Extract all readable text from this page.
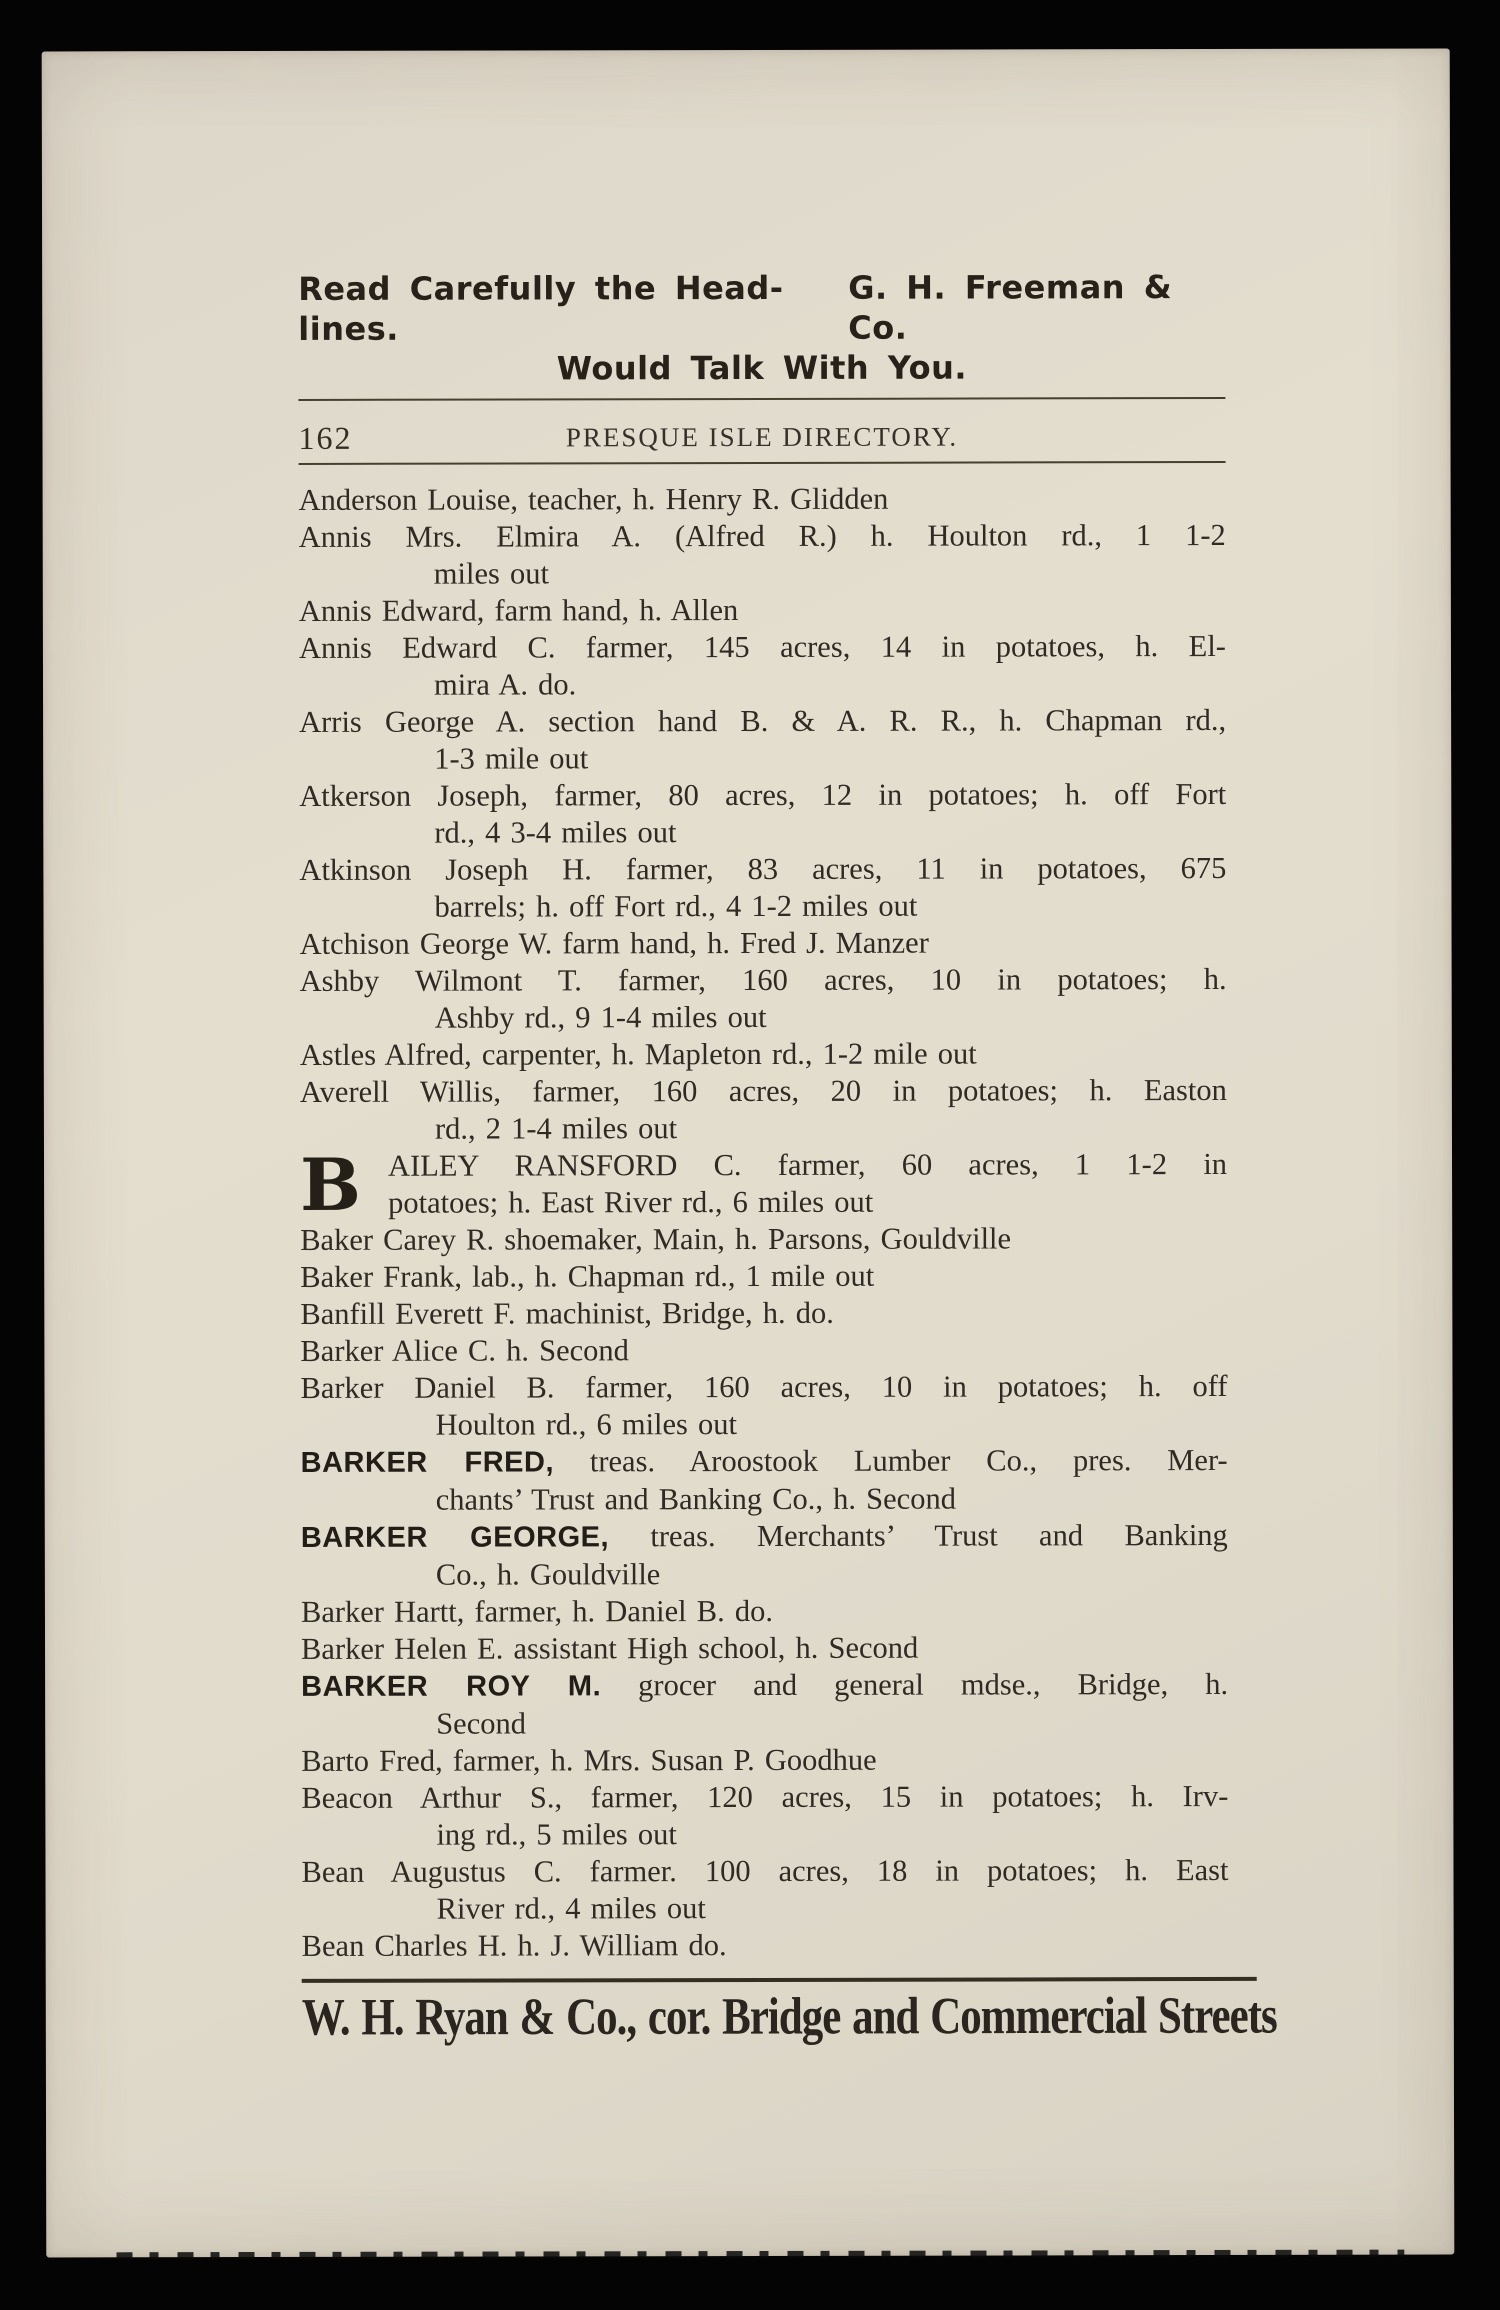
Read Carefully the Head-lines.
G. H. Freeman & Co.
Would Talk With You.
162	PRESQUE ISLE DIRECTORY.
Anderson Louise, teacher, h. Henry R. Glidden
Annis Mrs. Elmira A. (Alfred R.) h. Houlton rd., 1 1-2
miles out
Annis Edward, farm hand, h. Allen
Annis Edward C. farmer, 145 acres, 14 in potatoes, h. El-
mira A. do.
Arris George A. section hand B. & A. R. R., h. Chapman rd.,
1-3 mile out
Atkerson Joseph, farmer, 80 acres, 12 in potatoes; h. off Fort
rd., 4 3-4 miles out
Atkinson Joseph H. farmer, 83 acres, 11 in potatoes, 675
barrels; h. off Fort rd., 4 1-2 miles out
Atchison George W. farm hand, h. Fred J. Manzer
Ashby Wilmont T. farmer, 160 acres, 10 in potatoes; h.
Ashby rd., 9 1-4 miles out
Astles Alfred, carpenter, h. Mapleton rd., 1-2 mile out
Averell Willis, farmer, 160 acres, 20 in potatoes; h. Easton
rd., 2 1-4 miles out
B AILEY RANSFORD C. farmer, 60 acres, 1 1-2 in
potatoes; h. East River rd., 6 miles out
Baker Carey R. shoemaker, Main, h. Parsons, Gouldville
Baker Frank, lab., h. Chapman rd., 1 mile out
Banfill Everett F. machinist, Bridge, h. do.
Barker Alice C. h. Second
Barker Daniel B. farmer, 160 acres, 10 in potatoes; h. off
Houlton rd., 6 miles out
BARKER FRED, treas. Aroostook Lumber Co., pres. Mer-
chants’ Trust and Banking Co., h. Second
BARKER GEORGE, treas. Merchants’ Trust and Banking
Co., h. Gouldville
Barker Hartt, farmer, h. Daniel B. do.
Barker Helen E. assistant High school, h. Second
BARKER ROY M. grocer and general mdse., Bridge, h.
Second
Barto Fred, farmer, h. Mrs. Susan P. Goodhue
Beacon Arthur S., farmer, 120 acres, 15 in potatoes; h. Irv-
ing rd., 5 miles out
Bean Augustus C. farmer. 100 acres, 18 in potatoes; h. East
River rd., 4 miles out
Bean Charles H. h. J. William do.
W. H. Ryan & Co., cor. Bridge and Commercial Streets
